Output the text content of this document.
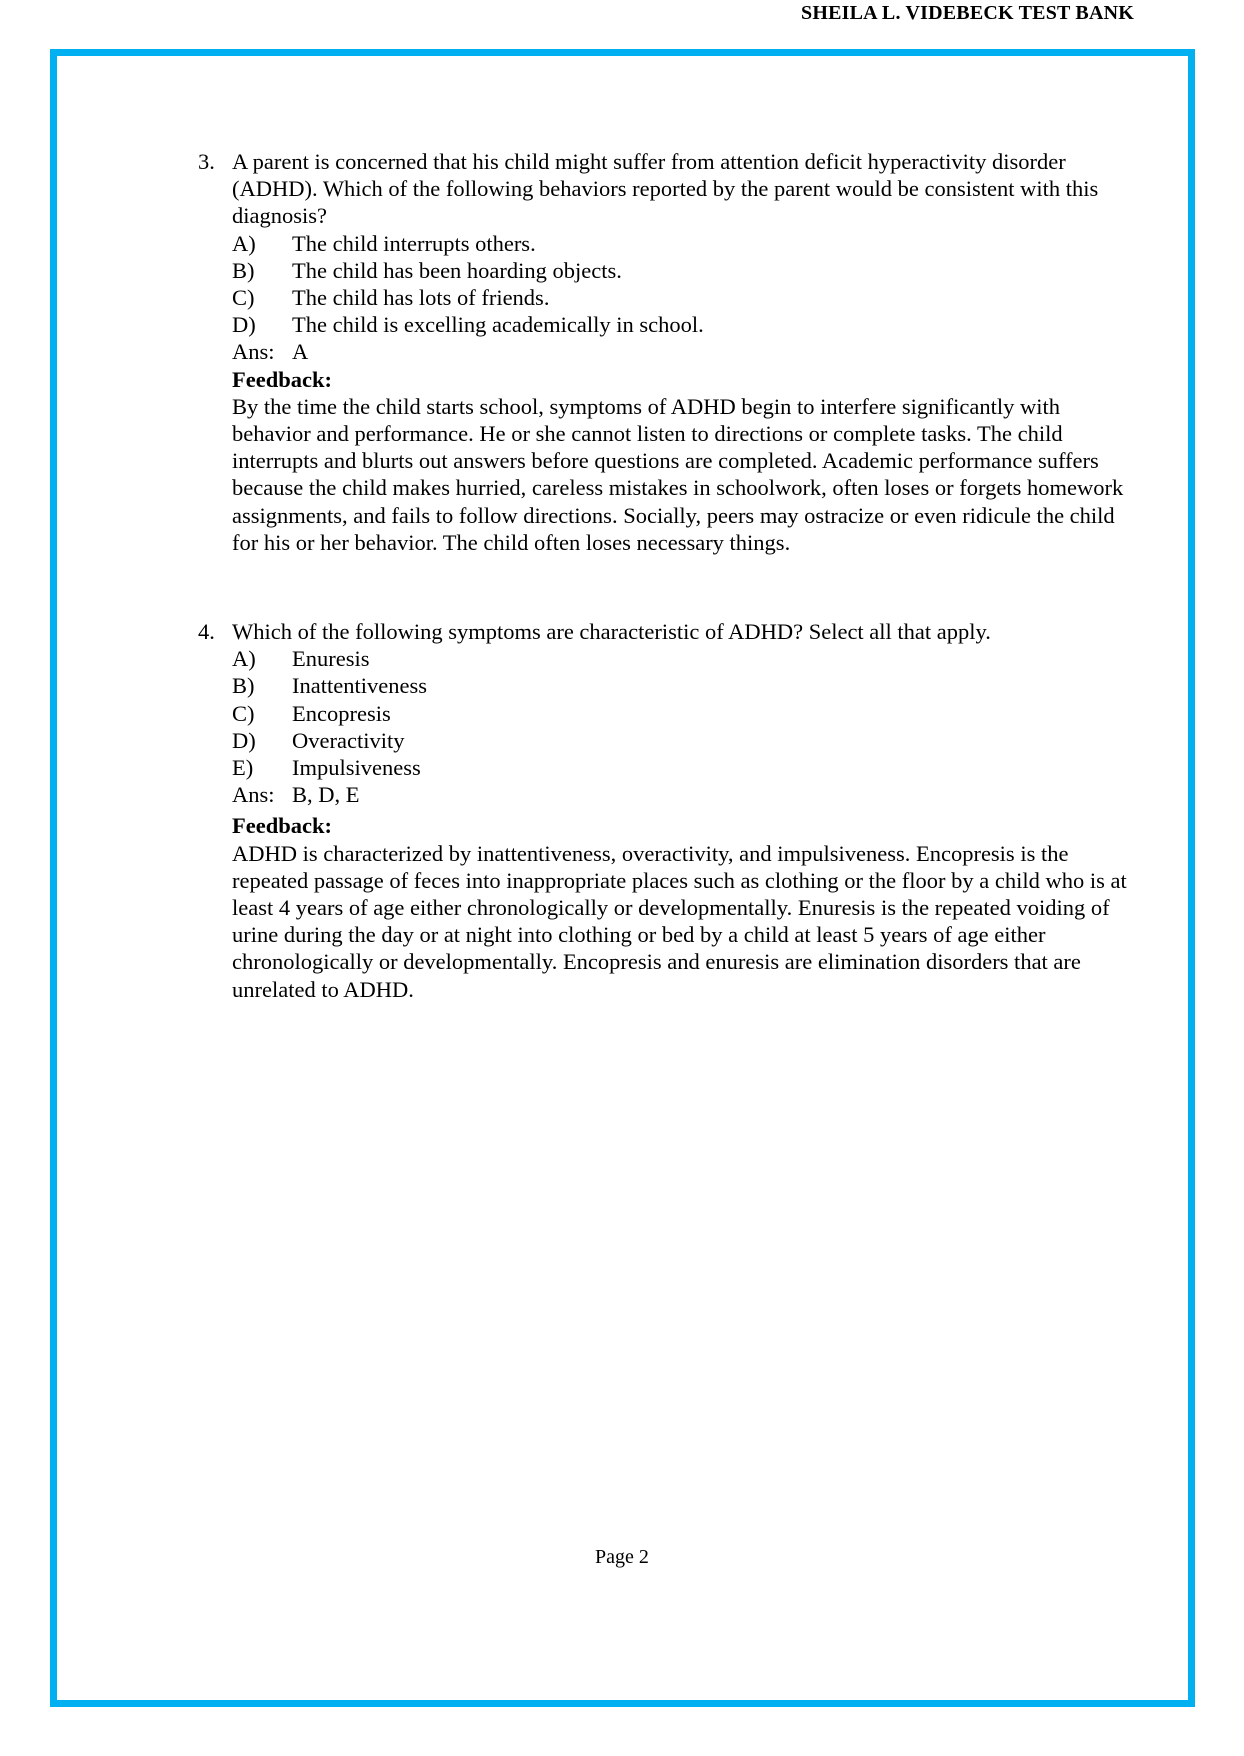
SHEILA L. VIDEBECK TEST BANK
3. A parent is concerned that his child might suffer from attention deficit hyperactivity disorder (ADHD). Which of the following behaviors reported by the parent would be consistent with this diagnosis?
A)	The child interrupts others.
B)	The child has been hoarding objects.
C)	The child has lots of friends.
D)	The child is excelling academically in school.
Ans: A
Feedback:

By the time the child starts school, symptoms of ADHD begin to interfere significantly with behavior and performance. He or she cannot listen to directions or complete tasks. The child interrupts and blurts out answers before questions are completed. Academic performance suffers because the child makes hurried, careless mistakes in schoolwork, often loses or forgets homework assignments, and fails to follow directions. Socially, peers may ostracize or even ridicule the child for his or her behavior. The child often loses necessary things.

4. Which of the following symptoms are characteristic of ADHD? Select all that apply.
A)	Enuresis
B)	Inattentiveness
C)	Encopresis
D)	Overactivity
E)	Impulsiveness
Ans: B, D, E
Feedback:

ADHD is characterized by inattentiveness, overactivity, and impulsiveness. Encopresis is the repeated passage of feces into inappropriate places such as clothing or the floor by a child who is at least 4 years of age either chronologically or developmentally. Enuresis is the repeated voiding of urine during the day or at night into clothing or bed by a child at least 5 years of age either chronologically or developmentally. Encopresis and enuresis are elimination disorders that are unrelated to ADHD.

Page 2
